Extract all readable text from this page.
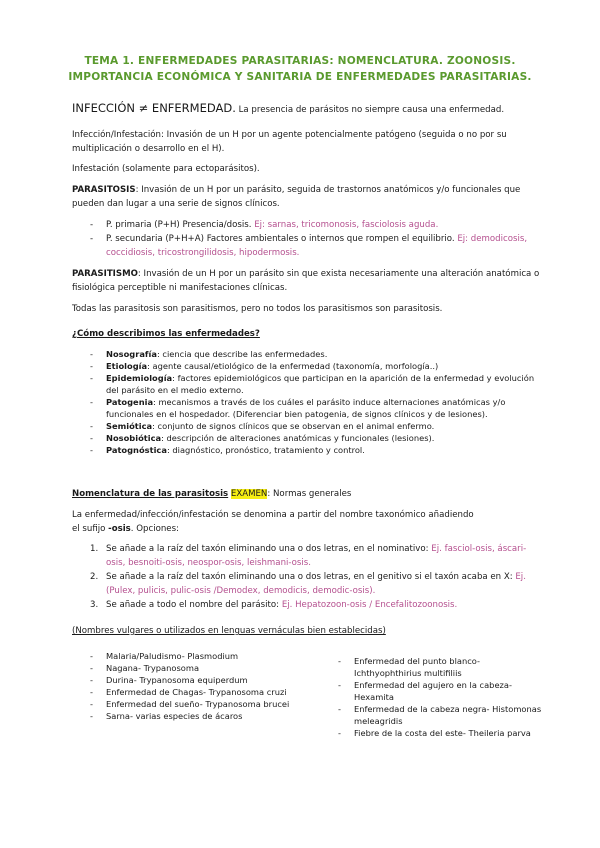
TEMA 1. ENFERMEDADES PARASITARIAS: NOMENCLATURA. ZOONOSIS.
IMPORTANCIA ECONÓMICA Y SANITARIA DE ENFERMEDADES PARASITARIAS.
INFECCIÓN ≠ ENFERMEDAD. La presencia de parásitos no siempre causa una enfermedad.
Infección/Infestación: Invasión de un H por un agente potencialmente patógeno (seguida o no por su multiplicación o desarrollo en el H).
Infestación (solamente para ectoparásitos).
PARASITOSIS: Invasión de un H por un parásito, seguida de trastornos anatómicos y/o funcionales que pueden dan lugar a una serie de signos clínicos.
- P. primaria (P+H) Presencia/dosis. Ej: sarnas, tricomonosis, fasciolosis aguda.
- P. secundaria (P+H+A) Factores ambientales o internos que rompen el equilibrio. Ej: demodicosis, coccidiosis, tricostrongilidosis, hipodermosis.
PARASITISMO: Invasión de un H por un parásito sin que exista necesariamente una alteración anatómica o fisiológica perceptible ni manifestaciones clínicas.
Todas las parasitosis son parasitismos, pero no todos los parasitismos son parasitosis.
¿Cómo describimos las enfermedades?
- Nosografía: ciencia que describe las enfermedades.
- Etiología: agente causal/etiológico de la enfermedad (taxonomía, morfología..)
- Epidemiología: factores epidemiológicos que participan en la aparición de la enfermedad y evolución del parásito en el medio externo.
- Patogenia: mecanismos a través de los cuáles el parásito induce alternaciones anatómicas y/o funcionales en el hospedador. (Diferenciar bien patogenia, de signos clínicos y de lesiones).
- Semiótica: conjunto de signos clínicos que se observan en el animal enfermo.
- Nosobiótica: descripción de alteraciones anatómicas y funcionales (lesiones).
- Patognóstica: diagnóstico, pronóstico, tratamiento y control.
Nomenclatura de las parasitosis EXAMEN: Normas generales
La enfermedad/infección/infestación se denomina a partir del nombre taxonómico añadiendo
el sufijo -osis. Opciones:
1. Se añade a la raíz del taxón eliminando una o dos letras, en el nominativo: Ej. fasciol-osis, áscari-osis, besnoiti-osis, neospor-osis, leishmani-osis.
2. Se añade a la raíz del taxón eliminando una o dos letras, en el genitivo si el taxón acaba en X: Ej. (Pulex, pulicis, pulic-osis /Demodex, demodicis, demodic-osis).
3. Se añade a todo el nombre del parásito: Ej. Hepatozoon-osis / Encefalitozoonosis.
(Nombres vulgares o utilizados en lenguas vernáculas bien establecidas)
- Malaria/Paludismo- Plasmodium
- Nagana- Trypanosoma
- Durina- Trypanosoma equiperdum
- Enfermedad de Chagas- Trypanosoma cruzi
- Enfermedad del sueño- Trypanosoma brucei
- Sarna- varias especies de ácaros
- Enfermedad del punto blanco- Ichthyophthirius multifiliis
- Enfermedad del agujero en la cabeza- Hexamita
- Enfermedad de la cabeza negra- Histomonas meleagridis
- Fiebre de la costa del este- Theileria parva
